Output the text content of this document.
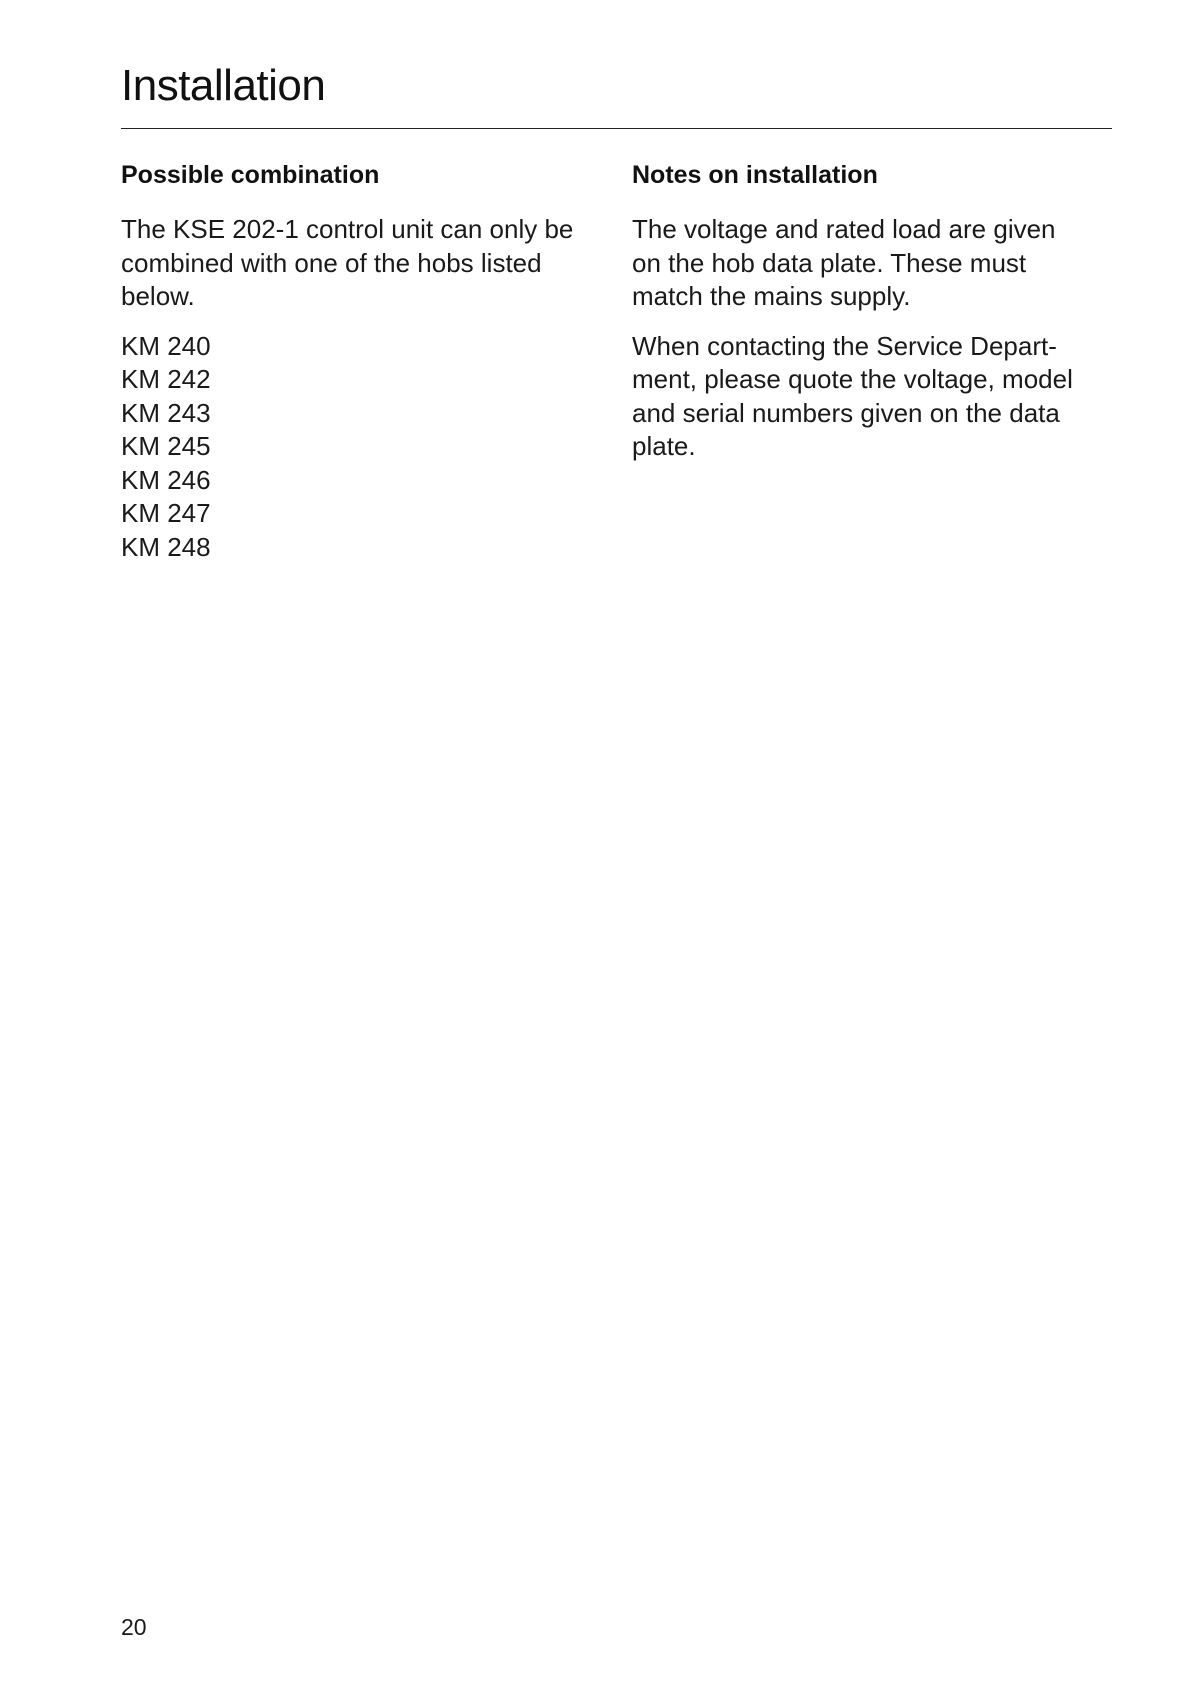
Installation
Possible combination

The KSE 202-1 control unit can only be
combined with one of the hobs listed
below.

KM 240
KM 242
KM 243
KM 245
KM 246
KM 247
KM 248
Notes on installation

The voltage and rated load are given
on the hob data plate. These must
match the mains supply.

When contacting the Service Depart-
ment, please quote the voltage, model
and serial numbers given on the data
plate.

20
